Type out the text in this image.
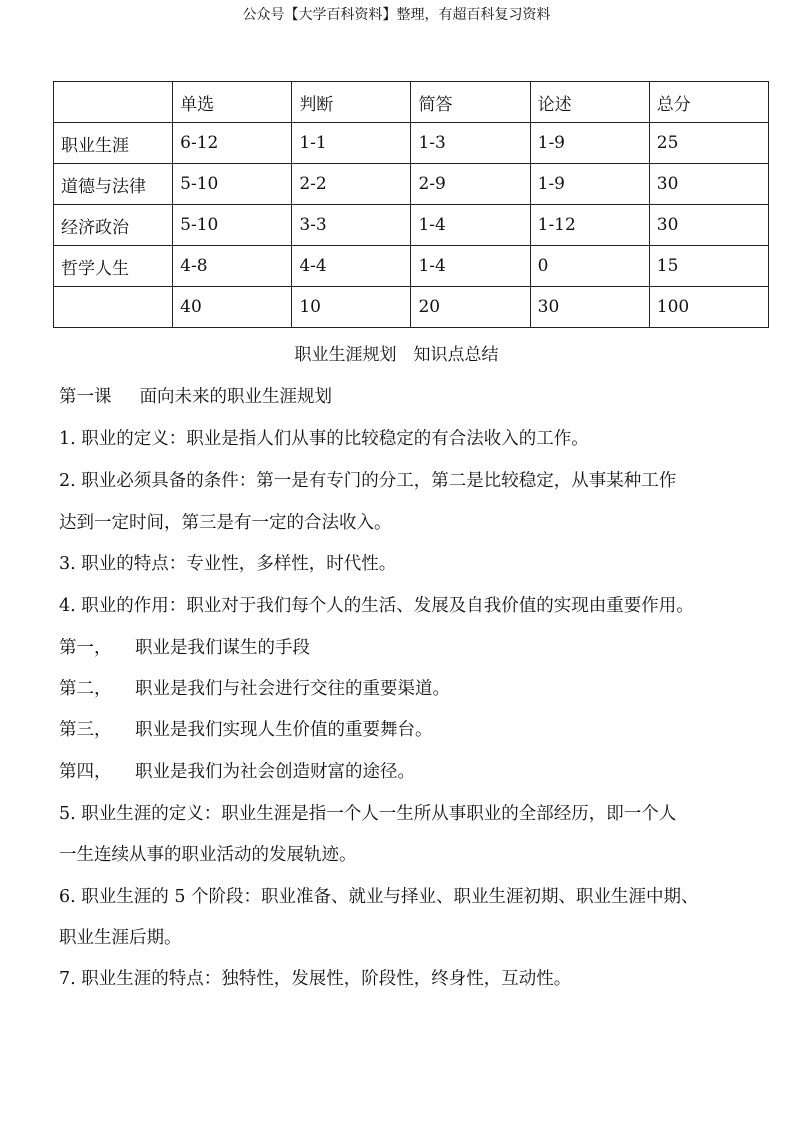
公众号【大学百科资料】整理，有超百科复习资料
	单选	判断	简答	论述	总分
职业生涯	6-12	1-1	1-3	1-9	25
道德与法律	5-10	2-2	2-9	1-9	30
经济政治	5-10	3-3	1-4	1-12	30
哲学人生	4-8	4-4	1-4	0	15
	40	10	20	30	100
职业生涯规划　知识点总结
第一课 面向未来的职业生涯规划
1. 职业的定义：职业是指人们从事的比较稳定的有合法收入的工作。
2. 职业必须具备的条件：第一是有专门的分工，第二是比较稳定，从事某种工作
达到一定时间，第三是有一定的合法收入。
3. 职业的特点：专业性，多样性，时代性。
4. 职业的作用：职业对于我们每个人的生活、发展及自我价值的实现由重要作用。
第一， 职业是我们谋生的手段
第二， 职业是我们与社会进行交往的重要渠道。
第三， 职业是我们实现人生价值的重要舞台。
第四， 职业是我们为社会创造财富的途径。
5. 职业生涯的定义：职业生涯是指一个人一生所从事职业的全部经历，即一个人
一生连续从事的职业活动的发展轨迹。
6. 职业生涯的 5 个阶段：职业准备、就业与择业、职业生涯初期、职业生涯中期、
职业生涯后期。
7. 职业生涯的特点：独特性，发展性，阶段性，终身性，互动性。
